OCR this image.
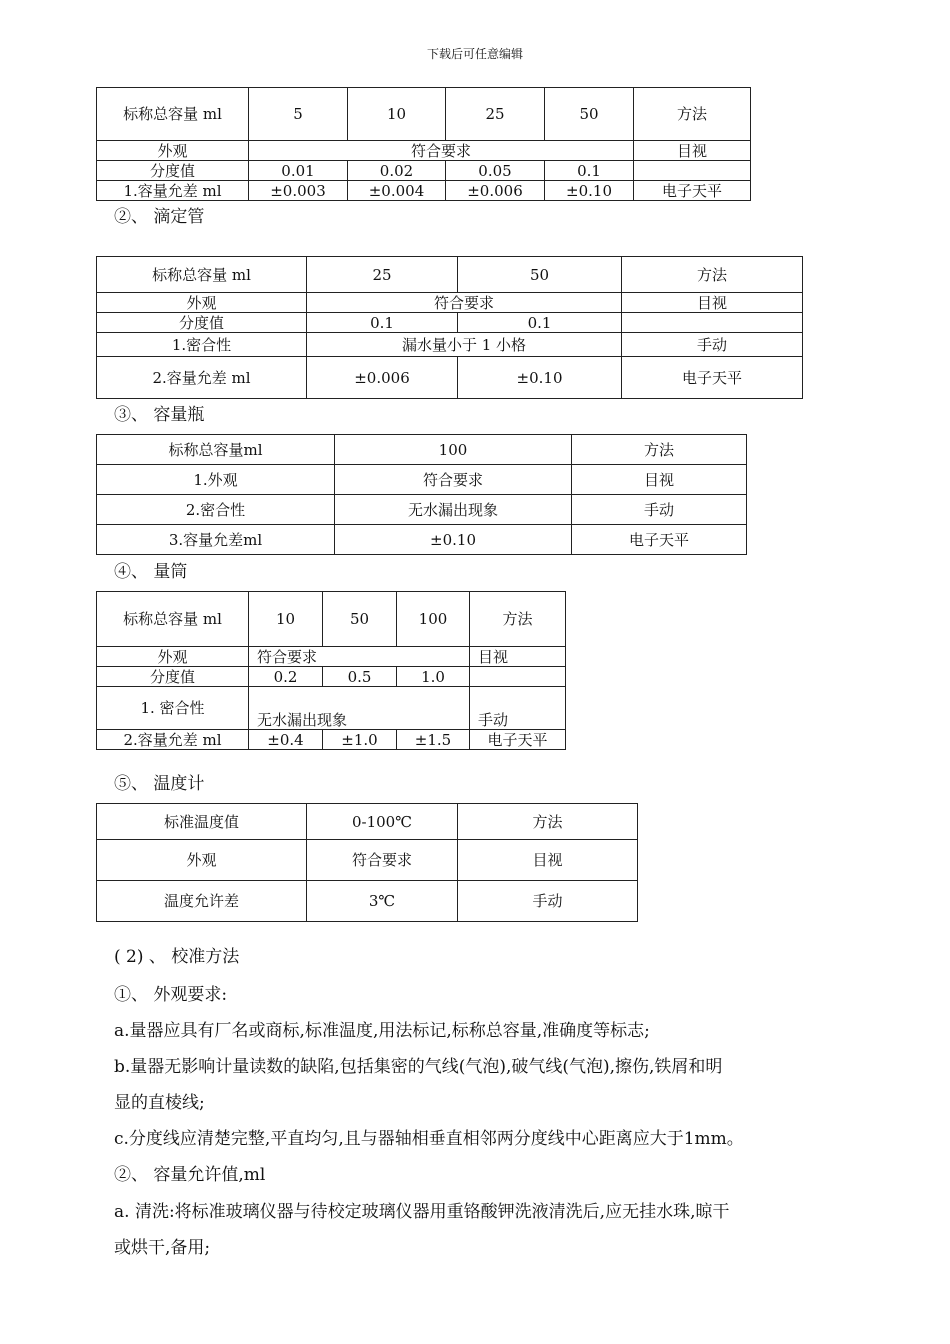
下载后可任意编辑
标称总容量 ml	5	10	25	50	方法
外观	符合要求				目视
分度值	0.01	0.02	0.05	0.1	
1.容量允差 ml	±0.003	±0.004	±0.006	±0.10	电子天平
②、 滴定管
标称总容量 ml	25	50	方法
外观	符合要求		目视
分度值	0.1	0.1	
1.密合性	漏水量小于 1 小格		手动
2.容量允差 ml	±0.006	±0.10	电子天平
③、 容量瓶
标称总容量ml	100	方法
1.外观	符合要求	目视
2.密合性	无水漏出现象	手动
3.容量允差ml	±0.10	电子天平
④、 量筒
标称总容量 ml	10	50	100	方法
外观	符合要求			目视
分度值	0.2	0.5	1.0	
1. 密合性	无水漏出现象			手动
2.容量允差 ml	±0.4	±1.0	±1.5	电子天平
⑤、 温度计
标准温度值	0-100℃	方法
外观	符合要求	目视
温度允许差	3℃	手动
( 2) 、 校准方法
①、 外观要求:
a.量器应具有厂名或商标,标准温度,用法标记,标称总容量,准确度等标志;
b.量器无影响计量读数的缺陷,包括集密的气线(气泡),破气线(气泡),擦伤,铁屑和明
显的直棱线;
c.分度线应清楚完整,平直均匀,且与器轴相垂直相邻两分度线中心距离应大于1mm。
②、 容量允许值,ml
a. 清洗:将标准玻璃仪器与待校定玻璃仪器用重铬酸钾洗液清洗后,应无挂水珠,晾干
或烘干,备用;
